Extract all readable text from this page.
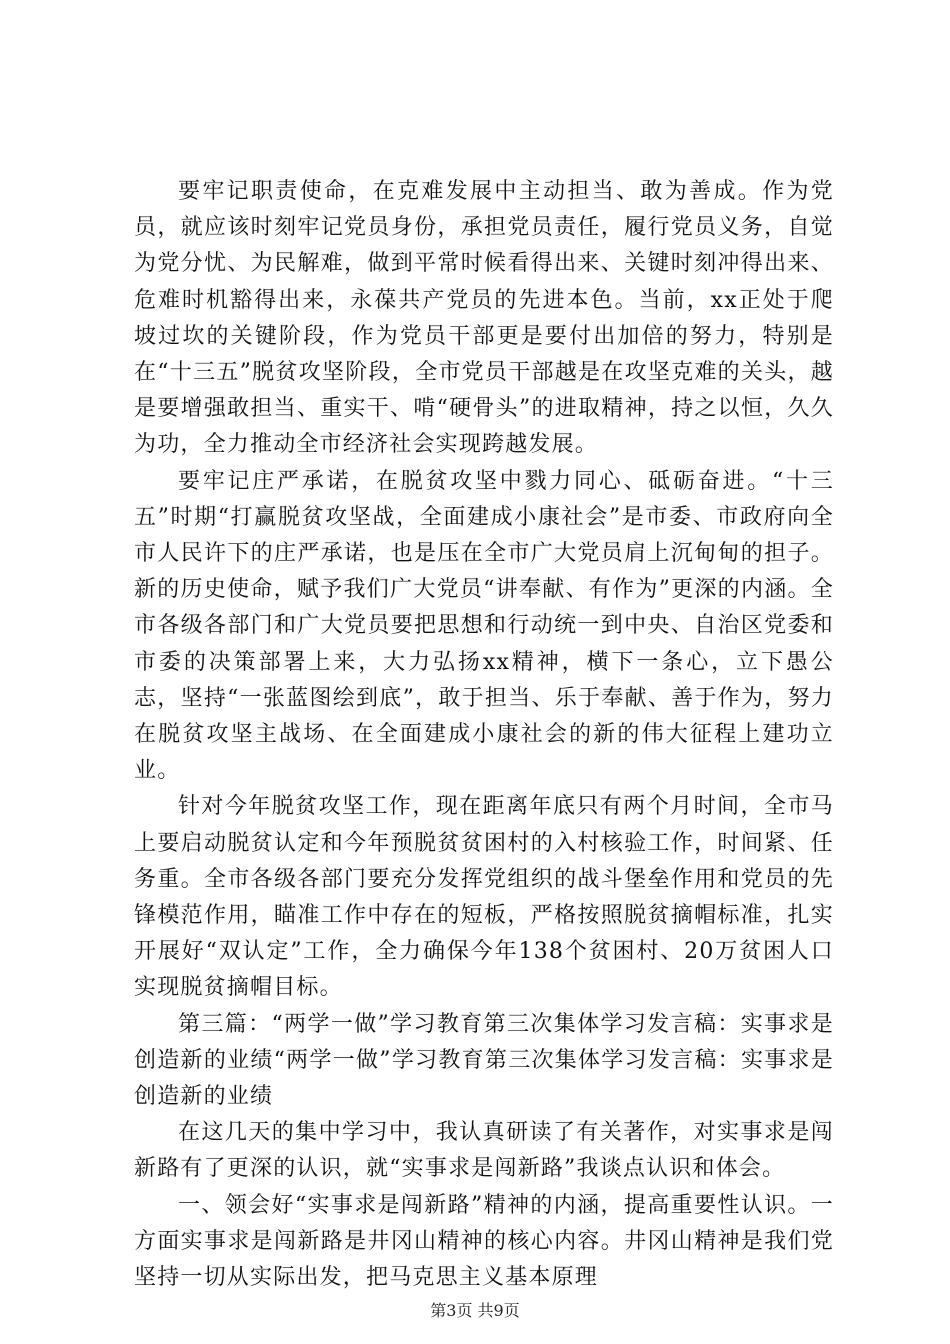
要牢记职责使命，在克难发展中主动担当、敢为善成。作为党员，就应该时刻牢记党员身份，承担党员责任，履行党员义务，自觉为党分忧、为民解难，做到平常时候看得出来、关键时刻冲得出来、危难时机豁得出来，永葆共产党员的先进本色。当前，xx正处于爬坡过坎的关键阶段，作为党员干部更是要付出加倍的努力，特别是在“十三五”脱贫攻坚阶段，全市党员干部越是在攻坚克难的关头，越是要增强敢担当、重实干、啃“硬骨头”的进取精神，持之以恒，久久为功，全力推动全市经济社会实现跨越发展。

要牢记庄严承诺，在脱贫攻坚中戮力同心、砥砺奋进。“十三五”时期“打赢脱贫攻坚战，全面建成小康社会”是市委、市政府向全市人民许下的庄严承诺，也是压在全市广大党员肩上沉甸甸的担子。新的历史使命，赋予我们广大党员“讲奉献、有作为”更深的内涵。全市各级各部门和广大党员要把思想和行动统一到中央、自治区党委和市委的决策部署上来，大力弘扬xx精神，横下一条心，立下愚公志，坚持“一张蓝图绘到底”，敢于担当、乐于奉献、善于作为，努力在脱贫攻坚主战场、在全面建成小康社会的新的伟大征程上建功立业。

针对今年脱贫攻坚工作，现在距离年底只有两个月时间，全市马上要启动脱贫认定和今年预脱贫贫困村的入村核验工作，时间紧、任务重。全市各级各部门要充分发挥党组织的战斗堡垒作用和党员的先锋模范作用，瞄准工作中存在的短板，严格按照脱贫摘帽标准，扎实开展好“双认定”工作，全力确保今年138个贫困村、20万贫困人口实现脱贫摘帽目标。

第三篇：“两学一做”学习教育第三次集体学习发言稿：实事求是创造新的业绩“两学一做”学习教育第三次集体学习发言稿：实事求是创造新的业绩

在这几天的集中学习中，我认真研读了有关著作，对实事求是闯新路有了更深的认识，就“实事求是闯新路”我谈点认识和体会。

一、领会好“实事求是闯新路”精神的内涵，提高重要性认识。一方面实事求是闯新路是井冈山精神的核心内容。井冈山精神是我们党坚持一切从实际出发，把马克思主义基本原理

第3页 共9页
